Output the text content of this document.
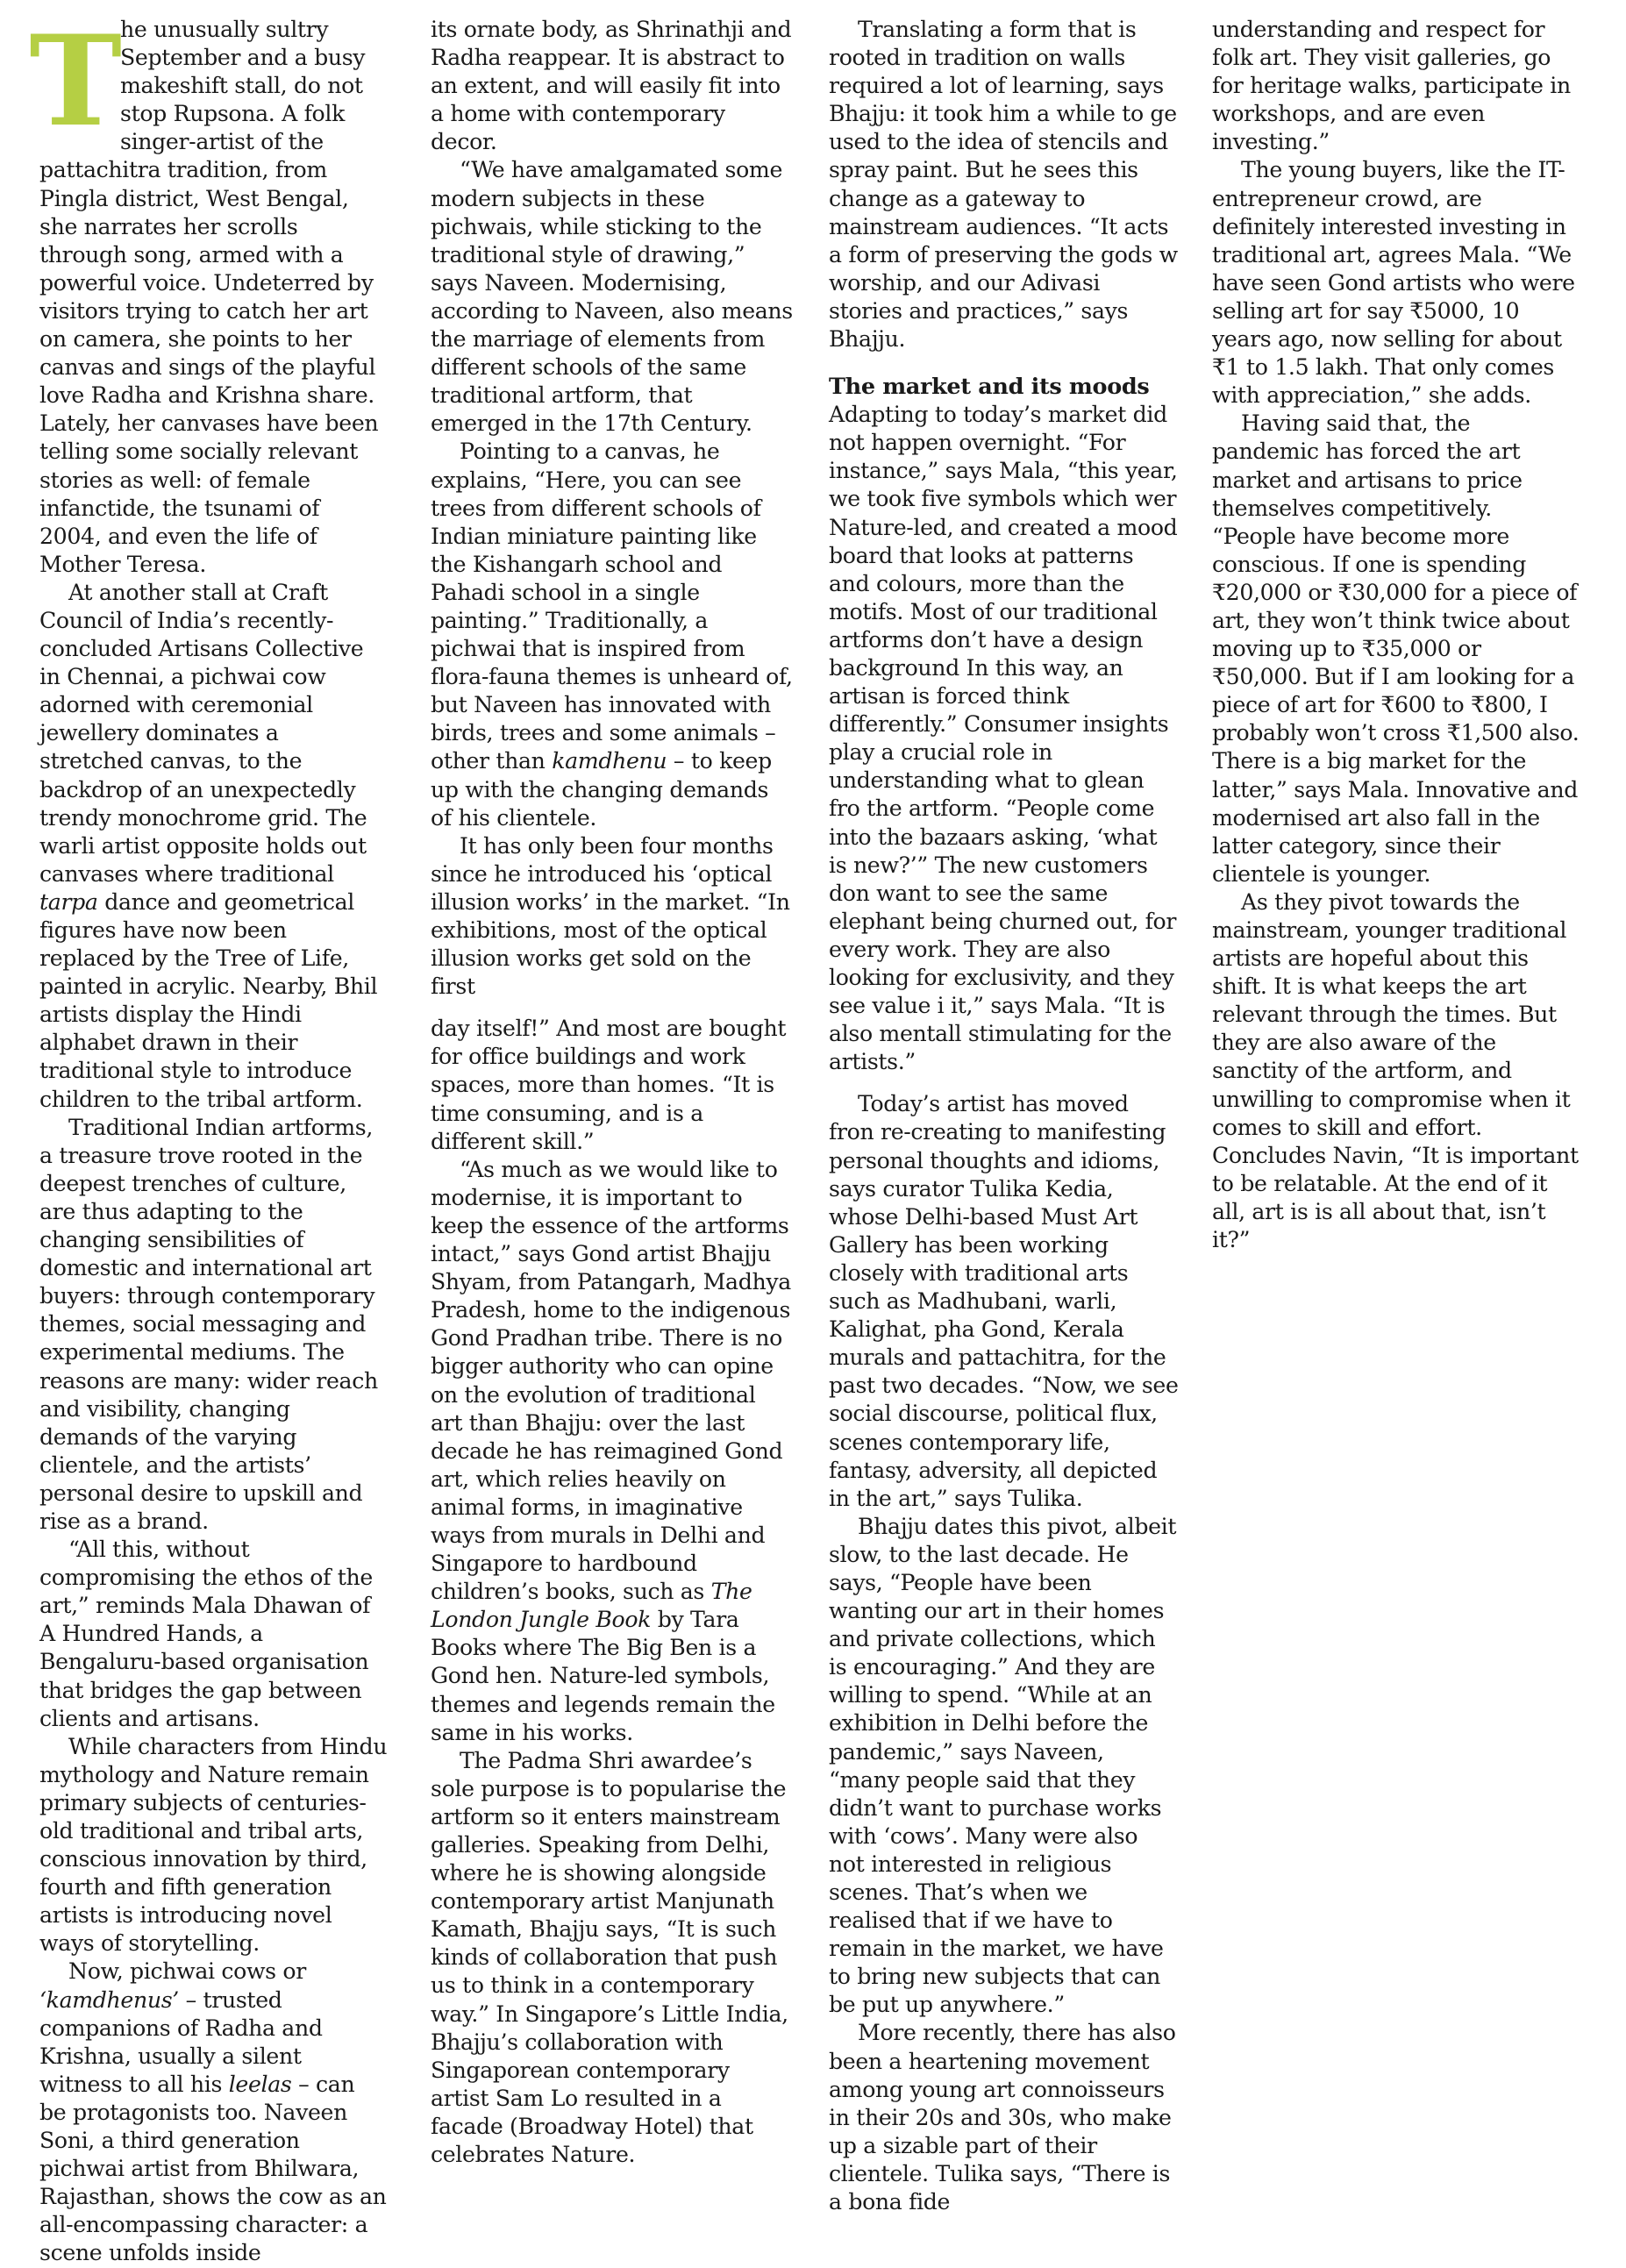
T
he unusually sultry September and a busy makeshift stall, do not stop Rupsona. A folk singer-artist of the pattachitra tradition, from Pingla district, West Bengal, she narrates her scrolls through song, armed with a powerful voice. Undeterred by visitors trying to catch her art on camera, she points to her canvas and sings of the playful love Radha and Krishna share. Lately, her canvases have been telling some socially relevant stories as well: of female infanctide, the tsunami of 2004, and even the life of Mother Teresa.

At another stall at Craft Council of India’s recently-concluded Artisans Collective in Chennai, a pichwai cow adorned with ceremonial jewellery dominates a stretched canvas, to the backdrop of an unexpectedly trendy monochrome grid. The warli artist opposite holds out canvases where traditional tarpa dance and geometrical figures have now been replaced by the Tree of Life, painted in acrylic. Nearby, Bhil artists display the Hindi alphabet drawn in their traditional style to introduce children to the tribal artform.

Traditional Indian artforms, a treasure trove rooted in the deepest trenches of culture, are thus adapting to the changing sensibilities of domestic and international art buyers: through contemporary themes, social messaging and experimental mediums. The reasons are many: wider reach and visibility, changing demands of the varying clientele, and the artists’ personal desire to upskill and rise as a brand.

“All this, without compromising the ethos of the art,” reminds Mala Dhawan of A Hundred Hands, a Bengaluru-based organisation that bridges the gap between clients and artisans.

While characters from Hindu mythology and Nature remain primary subjects of centuries-old traditional and tribal arts, conscious innovation by third, fourth and fifth generation artists is introducing novel ways of storytelling.

Now, pichwai cows or ‘kamdhenus’ – trusted companions of Radha and Krishna, usually a silent witness to all his leelas – can be protagonists too. Naveen Soni, a third generation pichwai artist from Bhilwara, Rajasthan, shows the cow as an all-encompassing character: a scene unfolds inside

its ornate body, as Shrinathji and Radha reappear. It is abstract to an extent, and will easily fit into a home with contemporary decor.

“We have amalgamated some modern subjects in these pichwais, while sticking to the traditional style of drawing,” says Naveen. Modernising, according to Naveen, also means the marriage of elements from different schools of the same traditional artform, that emerged in the 17th Century.

Pointing to a canvas, he explains, “Here, you can see trees from different schools of Indian miniature painting like the Kishangarh school and Pahadi school in a single painting.” Traditionally, a pichwai that is inspired from flora-fauna themes is unheard of, but Naveen has innovated with birds, trees and some animals – other than kamdhenu – to keep up with the changing demands of his clientele.

It has only been four months since he introduced his ‘optical illusion works’ in the market. “In exhibitions, most of the optical illusion works get sold on the first

day itself!” And most are bought for office buildings and work spaces, more than homes. “It is time consuming, and is a different skill.”

“As much as we would like to modernise, it is important to keep the essence of the artforms intact,” says Gond artist Bhajju Shyam, from Patangarh, Madhya Pradesh, home to the indigenous Gond Pradhan tribe. There is no bigger authority who can opine on the evolution of traditional art than Bhajju: over the last decade he has reimagined Gond art, which relies heavily on animal forms, in imaginative ways from murals in Delhi and Singapore to hardbound children’s books, such as The London Jungle Book by Tara Books where The Big Ben is a Gond hen. Nature-led symbols, themes and legends remain the same in his works.

The Padma Shri awardee’s sole purpose is to popularise the artform so it enters mainstream galleries. Speaking from Delhi, where he is showing alongside contemporary artist Manjunath Kamath, Bhajju says, “It is such kinds of collaboration that push us to think in a contemporary way.” In Singapore’s Little India, Bhajju’s collaboration with Singaporean contemporary artist Sam Lo resulted in a facade (Broadway Hotel) that celebrates Nature.

Translating a form that is rooted in tradition on walls required a lot of learning, says Bhajju: it took him a while to ge used to the idea of stencils and spray paint. But he sees this change as a gateway to mainstream audiences. “It acts a form of preserving the gods w worship, and our Adivasi stories and practices,” says Bhajju.

The market and its moods

Adapting to today’s market did not happen overnight. “For instance,” says Mala, “this year, we took five symbols which wer Nature-led, and created a mood board that looks at patterns and colours, more than the motifs. Most of our traditional artforms don’t have a design background In this way, an artisan is forced think differently.” Consumer insights play a crucial role in understanding what to glean fro the artform. “People come into the bazaars asking, ‘what is new?’” The new customers don want to see the same elephant being churned out, for every work. They are also looking for exclusivity, and they see value i it,” says Mala. “It is also mentall stimulating for the artists.”

Today’s artist has moved fron re-creating to manifesting personal thoughts and idioms, says curator Tulika Kedia, whose Delhi-based Must Art Gallery has been working closely with traditional arts such as Madhubani, warli, Kalighat, pha Gond, Kerala murals and pattachitra, for the past two decades. “Now, we see social discourse, political flux, scenes contemporary life, fantasy, adversity, all depicted in the art,” says Tulika.

Bhajju dates this pivot, albeit slow, to the last decade. He says, “People have been wanting our art in their homes and private collections, which is encouraging.” And they are willing to spend. “While at an exhibition in Delhi before the pandemic,” says Naveen, “many people said that they didn’t want to purchase works with ‘cows’. Many were also not interested in religious scenes. That’s when we realised that if we have to remain in the market, we have to bring new subjects that can be put up anywhere.”

More recently, there has also been a heartening movement among young art connoisseurs in their 20s and 30s, who make up a sizable part of their clientele. Tulika says, “There is a bona fide

understanding and respect for folk art. They visit galleries, go for heritage walks, participate in workshops, and are even investing.”

The young buyers, like the IT-entrepreneur crowd, are definitely interested investing in traditional art, agrees Mala. “We have seen Gond artists who were selling art for say ₹5000, 10 years ago, now selling for about ₹1 to 1.5 lakh. That only comes with appreciation,” she adds.

Having said that, the pandemic has forced the art market and artisans to price themselves competitively. “People have become more conscious. If one is spending ₹20,000 or ₹30,000 for a piece of art, they won’t think twice about moving up to ₹35,000 or ₹50,000. But if I am looking for a piece of art for ₹600 to ₹800, I probably won’t cross ₹1,500 also. There is a big market for the latter,” says Mala. Innovative and modernised art also fall in the latter category, since their clientele is younger.

As they pivot towards the mainstream, younger traditional artists are hopeful about this shift. It is what keeps the art relevant through the times. But they are also aware of the sanctity of the artform, and unwilling to compromise when it comes to skill and effort. Concludes Navin, “It is important to be relatable. At the end of it all, art is is all about that, isn’t it?”
